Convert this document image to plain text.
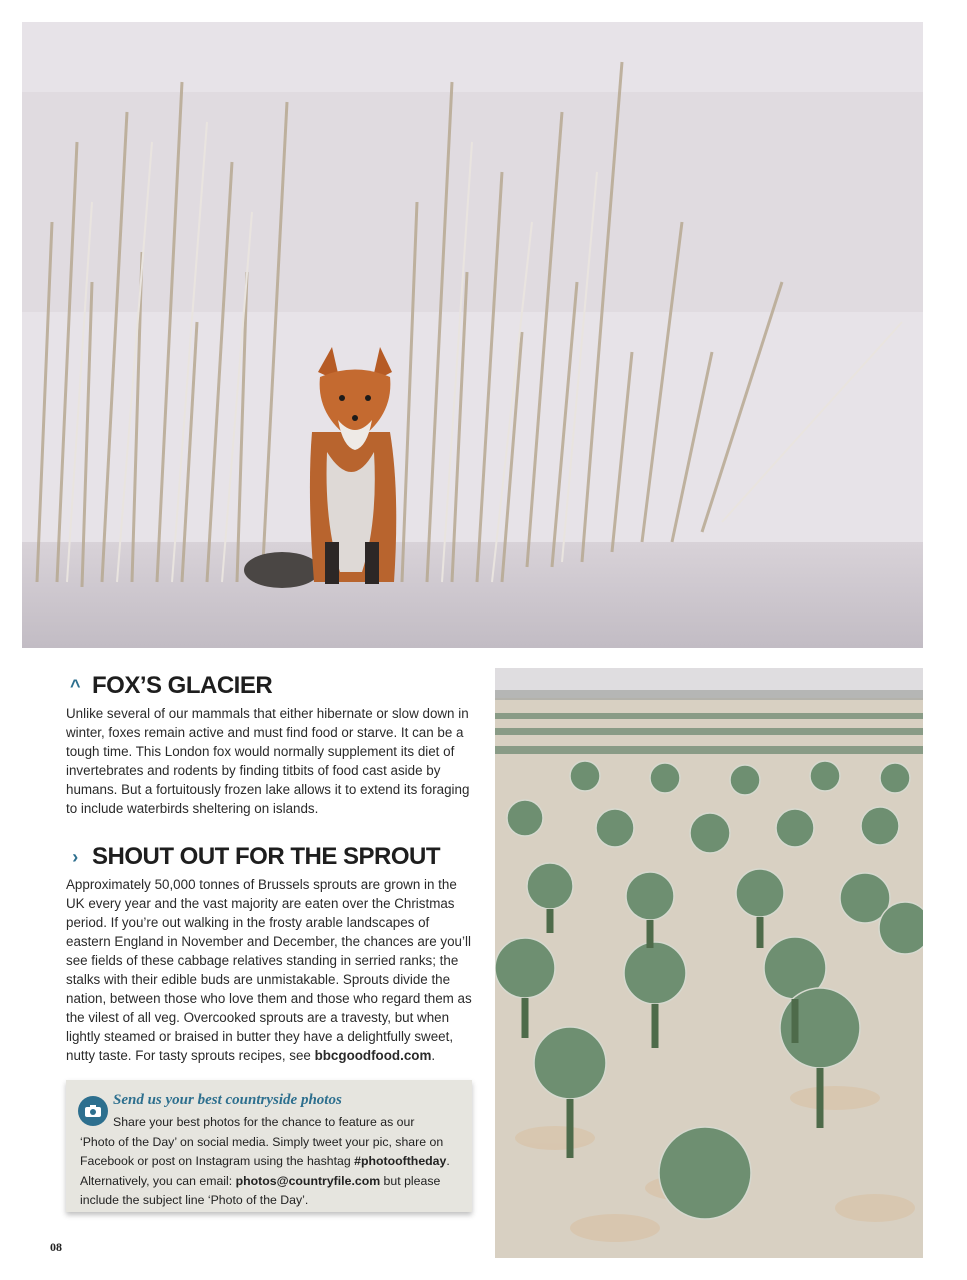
^ FOX’S GLACIER
Unlike several of our mammals that either hibernate or slow down in winter, foxes remain active and must find food or starve. It can be a tough time. This London fox would normally supplement its diet of invertebrates and rodents by finding titbits of food cast aside by humans. But a fortuitously frozen lake allows it to extend its foraging to include waterbirds sheltering on islands.
› SHOUT OUT FOR THE SPROUT
Approximately 50,000 tonnes of Brussels sprouts are grown in the UK every year and the vast majority are eaten over the Christmas period. If you’re out walking in the frosty arable landscapes of eastern England in November and December, the chances are you’ll see fields of these cabbage relatives standing in serried ranks; the stalks with their edible buds are unmistakable. Sprouts divide the nation, between those who love them and those who regard them as the vilest of all veg. Overcooked sprouts are a travesty, but when lightly steamed or braised in butter they have a delightfully sweet, nutty taste. For tasty sprouts recipes, see bbcgoodfood.com.
Send us your best countryside photos
Share your best photos for the chance to feature as our
‘Photo of the Day’ on social media. Simply tweet your pic, share on Facebook or post on Instagram using the hashtag #photooftheday. Alternatively, you can email: photos@countryfile.com but please include the subject line ‘Photo of the Day’.
08
